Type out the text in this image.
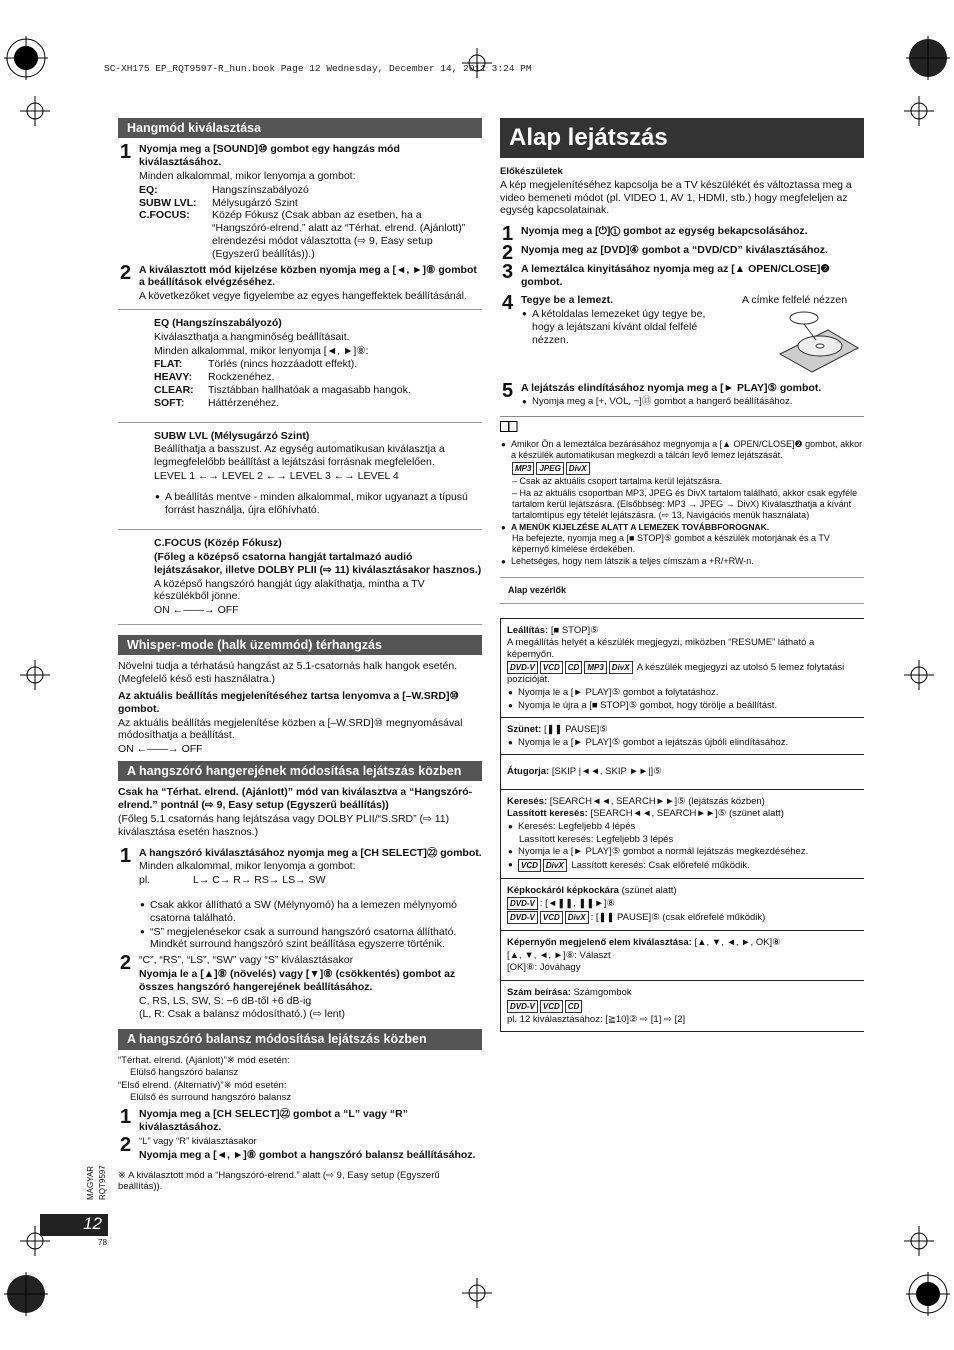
SC-XH175 EP_RQT9597-R_hun.book Page 12 Wednesday, December 14, 2011 3:24 PM
Hangmód kiválasztása
1 Nyomja meg a [SOUND]⑩ gombot egy hangzás mód kiválasztásához.

Minden alkalommal, mikor lenyomja a gombot:

EQ:	Hangszínszabályozó
SUBW LVL:	Mélysugárzó Szint
C.FOCUS:	Közép Fókusz (Csak abban az esetben, ha a “Hangszóró-elrend.” alatt az “Térhat. elrend. (Ajánlott)” elrendezési módot választotta (⇨ 9, Easy setup (Egyszerű beállítás)).)
2 A kiválasztott mód kijelzése közben nyomja meg a [◄, ►]⑧ gombot a beállítások elvégzéséhez.

A következőket vegye figyelembe az egyes hangeffektek beállításánál.

EQ (Hangszínszabályozó)

Kiválaszthatja a hangminőség beállításait.

Minden alkalommal, mikor lenyomja [◄, ►]⑧:

FLAT:	Törlés (nincs hozzáadott effekt).
HEAVY:	Rockzenéhez.
CLEAR:	Tisztábban hallhatóak a magasabb hangok.
SOFT:	Háttérzenéhez.

SUBW LVL (Mélysugárzó Szint)

Beállíthatja a basszust. Az egység automatikusan kiválasztja a legmegfelelőbb beállítást a lejátszási forrásnak megfelelően.

LEVEL 1 ←→ LEVEL 2 ←→ LEVEL 3 ←→ LEVEL 4

● A beállítás mentve - minden alkalommal, mikor ugyanazt a típusú forrást használja, újra előhívható.

C.FOCUS (Közép Fókusz)

(Főleg a középső csatorna hangját tartalmazó audió lejátszásakor, illetve DOLBY PLII (⇨ 11) kiválasztásakor hasznos.)

A középső hangszóró hangját úgy alakíthatja, mintha a TV készülékből jönne.

ON ←——→ OFF

Whisper-mode (halk üzemmód) térhangzás

Növelni tudja a térhatású hangzást az 5.1-csatornás halk hangok esetén. (Megfelelő késő esti használatra.)

Az aktuális beállítás megjelenítéséhez tartsa lenyomva a [–W.SRD]⑩ gombot.

Az aktuális beállítás megjelenítése közben a [–W.SRD]⑩ megnyomásával módosíthatja a beállítást.

ON ←——→ OFF

A hangszóró hangerejének módosítása lejátszás közben

Csak ha “Térhat. elrend. (Ajánlott)” mód van kiválasztva a “Hangszóró-elrend.” pontnál (⇨ 9, Easy setup (Egyszerű beállítás))

(Főleg 5.1 csatornás hang lejátszása vagy DOLBY PLII/“S.SRD” (⇨ 11) kiválasztása esetén hasznos.)

1 A hangszóró kiválasztásához nyomja meg a [CH SELECT]㉒ gombot.

Minden alkalommal, mikor lenyomja a gombot:

pl.	L→ C→ R→ RS→ LS→ SW

● Csak akkor állítható a SW (Mélynyomó) ha a lemezen mélynyomó csatorna található.

● “S” megjelenésekor csak a surround hangszóró csatorna állítható. Mindkét surround hangszóró szint beállítása egyszerre történik.

2 “C”, “RS”, “LS”, “SW” vagy “S” kiválasztásakor

Nyomja le a [▲]⑧ (növelés) vagy [▼]⑧ (csökkentés) gombot az összes hangszóró hangerejének beállításához.

C, RS, LS, SW, S: −6 dB-től +6 dB-ig

(L, R: Csak a balansz módosítható.) (⇨ lent)

A hangszóró balansz módosítása lejátszás közben

“Térhat. elrend. (Ajánlott)”※ mód esetén:

Elülső hangszóró balansz

“Első elrend. (Alternatív)”※ mód esetén:

Elülső és surround hangszóró balansz

1 Nyomja meg a [CH SELECT]㉒ gombot a “L” vagy “R” kiválasztásához.

2 “L” vagy “R” kiválasztásakor

Nyomja meg a [◄, ►]⑧ gombot a hangszóró balansz beállításához.

※ A kiválasztott mód a “Hangszóró-elrend.” alatt (⇨ 9, Easy setup (Egyszerű beállítás)).

Alap lejátszás

Előkészületek

A kép megjelenítéséhez kapcsolja be a TV készülékét és változtassa meg a video bemeneti módot (pl. VIDEO 1, AV 1, HDMI, stb.) hogy megfeleljen az egység kapcsolatainak.

1 Nyomja meg a [⏻]① gombot az egység bekapcsolásához.

2 Nyomja meg az [DVD]④ gombot a “DVD/CD” kiválasztásához.

3 A lemeztálca kinyitásához nyomja meg az [▲ OPEN/CLOSE]❷ gombot.

4 Tegye be a lemezt.

● A kétoldalas lemezeket úgy tegye be, hogy a lejátszani kívánt oldal felfelé nézzen.

A címke felfelé nézzen
5 A lejátszás elindításához nyomja meg a [► PLAY]⑤ gombot.

● Nyomja meg a [+, VOL, −]⑬ gombot a hangerő beállításához.

● Amikor Ön a lemeztálca bezárásához megnyomja a [▲ OPEN/CLOSE]❷ gombot, akkor a készülék automatikusan megkezdi a tálcán levő lemez lejátszását.

MP3 JPEG DivX

– Csak az aktuális csoport tartalma kerül lejátszásra.

– Ha az aktuális csoportban MP3, JPEG és DivX tartalom található, akkor csak egyféle tartalom kerül lejátszásra. (Elsőbbség: MP3 → JPEG → DivX) Kiválaszthatja a kívánt tartalomtípus egy tételét lejátszásra. (⇨ 13, Navigációs menük használata)

● A MENÜK KIJELZÉSE ALATT A LEMEZEK TOVÁBBFOROGNAK.

Ha befejezte, nyomja meg a [■ STOP]⑤ gombot a készülék motorjának és a TV képernyő kímélése érdekében.

● Lehetséges, hogy nem látszik a teljes címszám a +R/+RW-n.

Alap vezérlők

Leállítás: [■ STOP]⑤

A megállítás helyét a készülék megjegyzi, miközben “RESUME” látható a képernyőn.

DVD-V VCD CD MP3 DivX A készülék megjegyzi az utolsó 5 lemez folytatási pozícióját.

● Nyomja le a [► PLAY]⑤ gombot a folytatáshoz.

● Nyomja le újra a [■ STOP]⑤ gombot, hogy törölje a beállítást.

Szünet: [❚❚ PAUSE]⑤

● Nyomja le a [► PLAY]⑤ gombot a lejátszás újbóli elindításához.

Átugorja: [SKIP |◄◄, SKIP ►►|]⑤

Keresés: [SEARCH◄◄, SEARCH►►]⑤ (lejátszás közben)

Lassított keresés: [SEARCH◄◄, SEARCH►►]⑤ (szünet alatt)

● Keresés: Legfeljebb 4 lépés

Lassított keresés: Legfeljebb 3 lépés

● Nyomja le a [► PLAY]⑤ gombot a normál lejátszás megkezdéséhez.

● VCD DivX Lassított keresés: Csak előrefelé működik.

Képkockáról képkockára (szünet alatt)

DVD-V : [◄❚❚, ❚❚►]⑧

DVD-V VCD DivX : [❚❚ PAUSE]⑤ (csak előrefelé működik)

Képernyőn megjelenő elem kiválasztása: [▲, ▼, ◄, ►, OK]⑧

[▲, ▼, ◄, ►]⑧: Választ

[OK]⑧: Jóváhagy

Szám beírása: Számgombok

DVD-V VCD CD

pl. 12 kiválasztásához: [≧10]② ⇨ [1] ⇨ [2]

MAGYAR RQT9597
12
78
